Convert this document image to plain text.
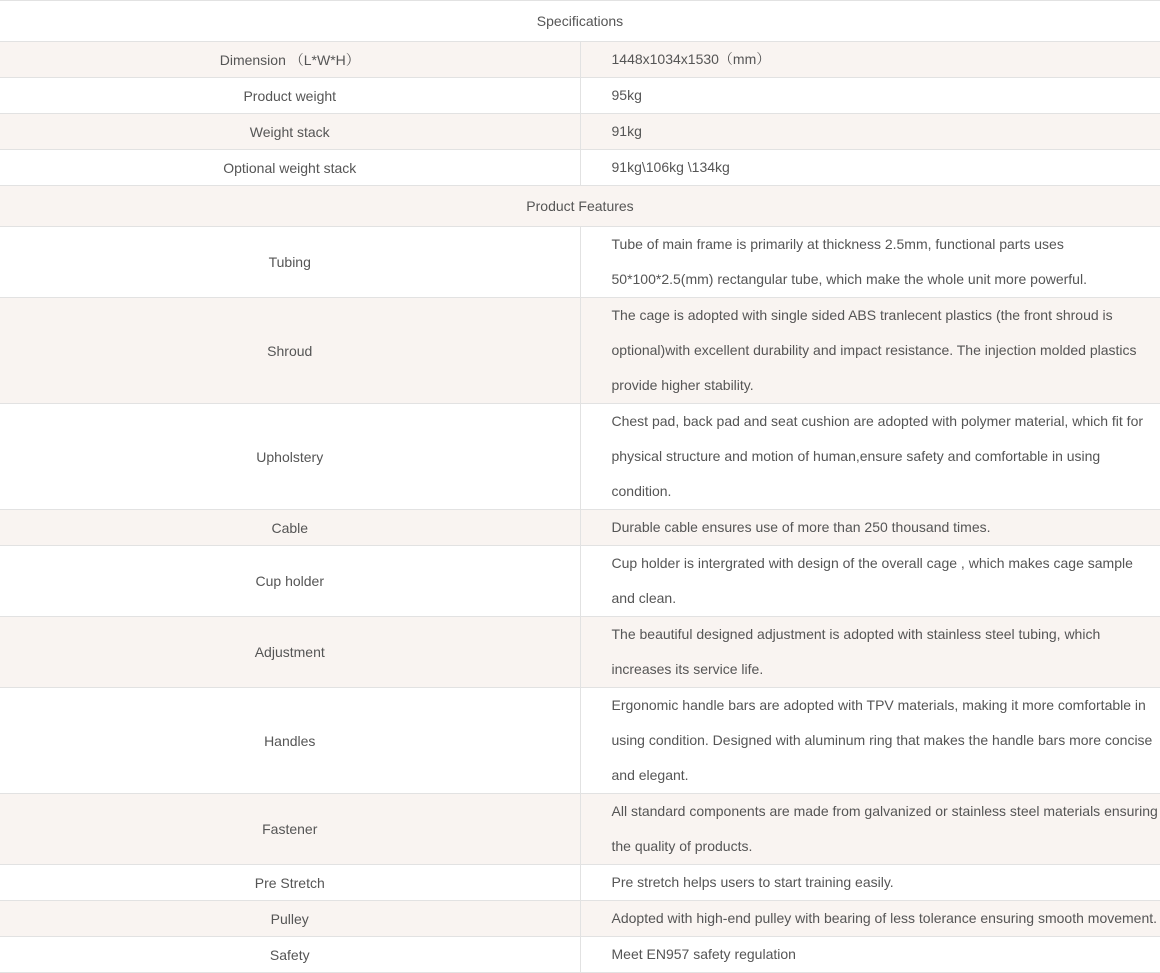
Specifications	
Dimension （L*W*H）	1448x1034x1530（mm）
Product weight	95kg
Weight stack	91kg
Optional weight stack	91kg\106kg \134kg
Product Features	
Tubing	Tube of main frame is primarily at thickness 2.5mm, functional parts uses 50*100*2.5(mm) rectangular tube, which make the whole unit more powerful.
Shroud	The cage is adopted with single sided ABS tranlecent plastics (the front shroud is optional)with excellent durability and impact resistance. The injection molded plastics provide higher stability.
Upholstery	Chest pad, back pad and seat cushion are adopted with polymer material, which fit for physical structure and motion of human,ensure safety and comfortable in using condition.
Cable	Durable cable ensures use of more than 250 thousand times.
Cup holder	Cup holder is intergrated with design of the overall cage , which makes cage sample and clean.
Adjustment	The beautiful designed adjustment is adopted with stainless steel tubing, which increases its service life.
Handles	Ergonomic handle bars are adopted with TPV materials, making it more comfortable in using condition. Designed with aluminum ring that makes the handle bars more concise and elegant.
Fastener	All standard components are made from galvanized or stainless steel materials ensuring the quality of products.
Pre Stretch	Pre stretch helps users to start training easily.
Pulley	Adopted with high-end pulley with bearing of less tolerance ensuring smooth movement.
Safety	Meet EN957 safety regulation
